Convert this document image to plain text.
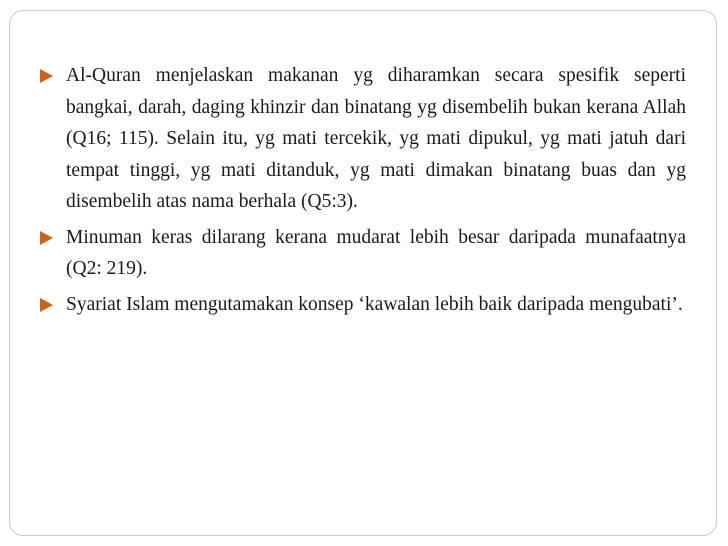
Al-Quran menjelaskan makanan yg diharamkan secara spesifik seperti bangkai, darah, daging khinzir dan binatang yg disembelih bukan kerana Allah (Q16; 115). Selain itu, yg mati tercekik, yg mati dipukul, yg mati jatuh dari tempat tinggi, yg mati ditanduk, yg mati dimakan binatang buas dan yg disembelih atas nama berhala (Q5:3).
Minuman keras dilarang kerana mudarat lebih besar daripada munafaatnya (Q2: 219).
Syariat Islam mengutamakan konsep ‘kawalan lebih baik daripada mengubati’.
